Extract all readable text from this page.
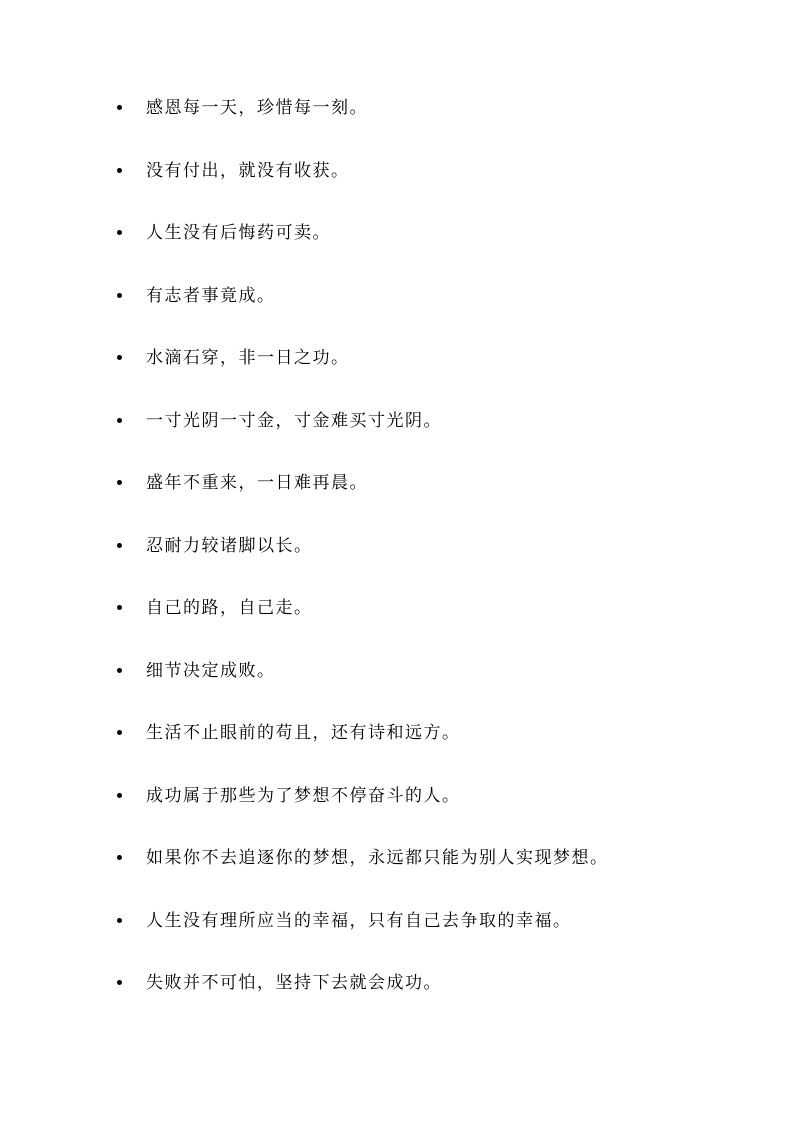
感恩每一天，珍惜每一刻。
没有付出，就没有收获。
人生没有后悔药可卖。
有志者事竟成。
水滴石穿，非一日之功。
一寸光阴一寸金，寸金难买寸光阴。
盛年不重来，一日难再晨。
忍耐力较诸脚以长。
自己的路，自己走。
细节决定成败。
生活不止眼前的苟且，还有诗和远方。
成功属于那些为了梦想不停奋斗的人。
如果你不去追逐你的梦想，永远都只能为别人实现梦想。
人生没有理所应当的幸福，只有自己去争取的幸福。
失败并不可怕，坚持下去就会成功。
